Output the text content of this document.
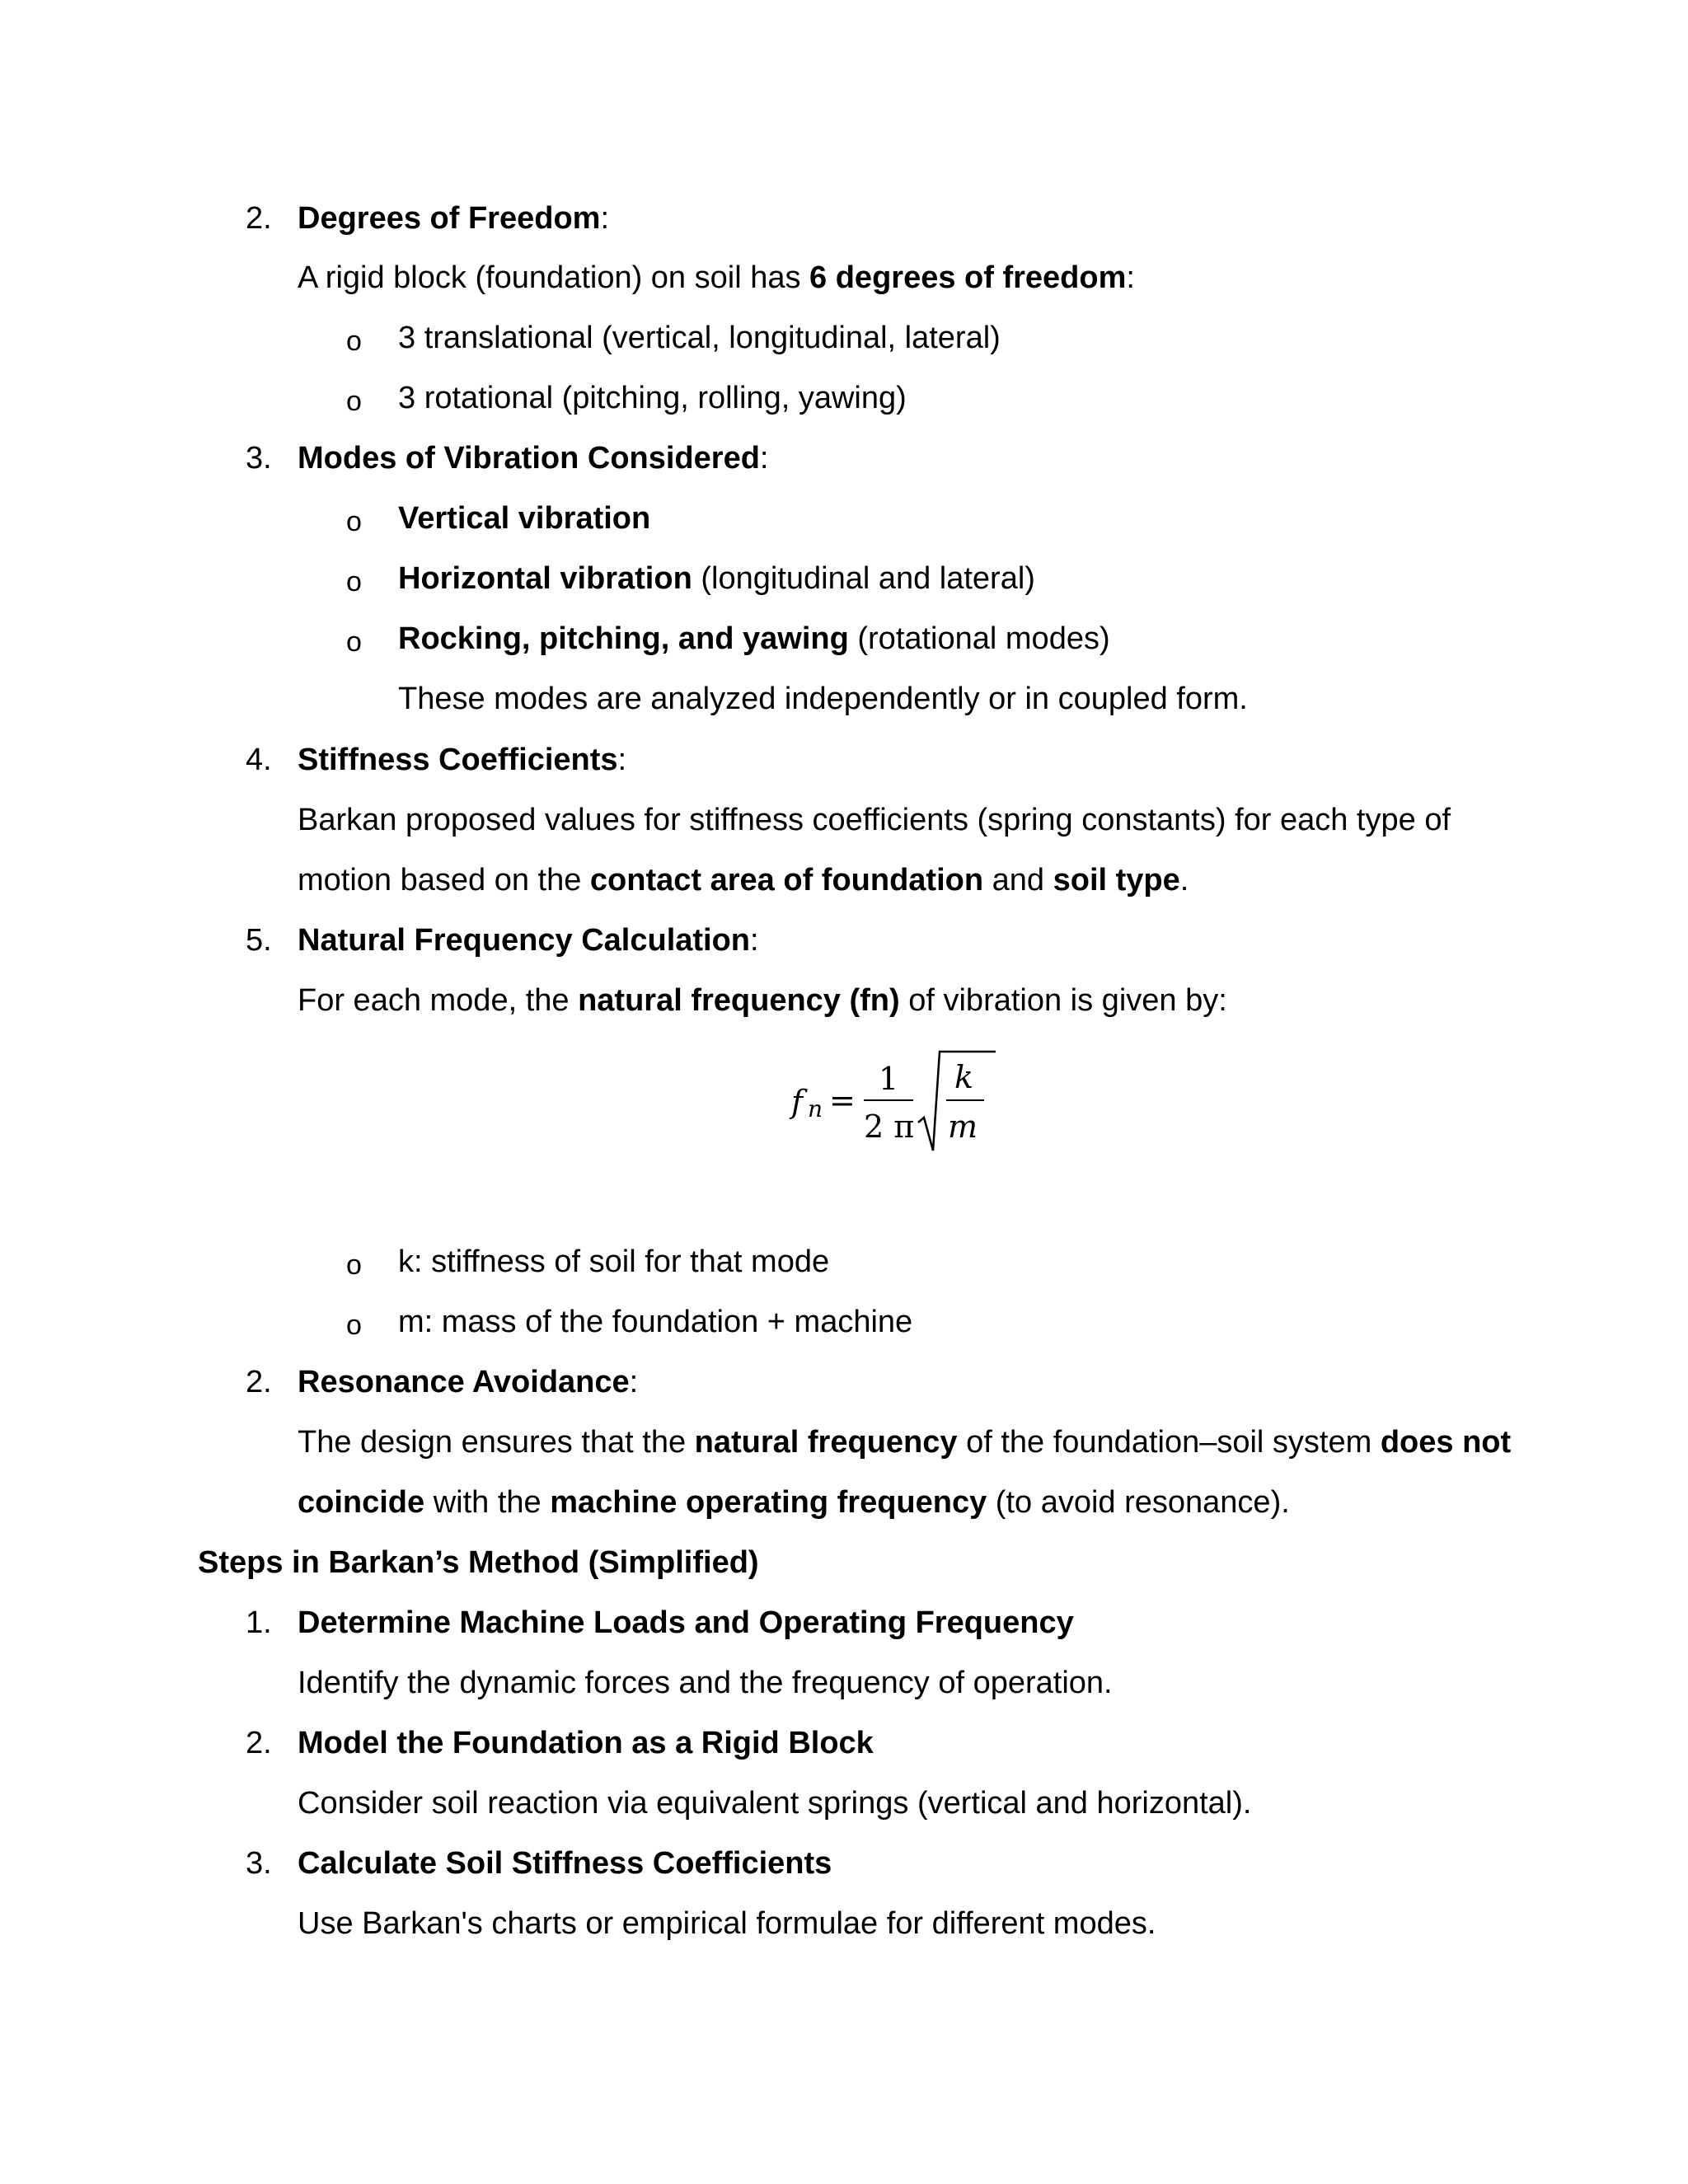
2. Degrees of Freedom:
A rigid block (foundation) on soil has 6 degrees of freedom:
o 3 translational (vertical, longitudinal, lateral)
o 3 rotational (pitching, rolling, yawing)
3. Modes of Vibration Considered:
o Vertical vibration
o Horizontal vibration (longitudinal and lateral)
o Rocking, pitching, and yawing (rotational modes)
These modes are analyzed independently or in coupled form.
4. Stiffness Coefficients:
Barkan proposed values for stiffness coefficients (spring constants) for each type of
motion based on the contact area of foundation and soil type.
5. Natural Frequency Calculation:
For each mode, the natural frequency (fn) of vibration is given by:
f n =
1
2 π
k
m
o k: stiffness of soil for that mode
o m: mass of the foundation + machine
2. Resonance Avoidance:
The design ensures that the natural frequency of the foundation–soil system does not
coincide with the machine operating frequency (to avoid resonance).
Steps in Barkan’s Method (Simplified)
1. Determine Machine Loads and Operating Frequency
Identify the dynamic forces and the frequency of operation.
2. Model the Foundation as a Rigid Block
Consider soil reaction via equivalent springs (vertical and horizontal).
3. Calculate Soil Stiffness Coefficients
Use Barkan's charts or empirical formulae for different modes.
